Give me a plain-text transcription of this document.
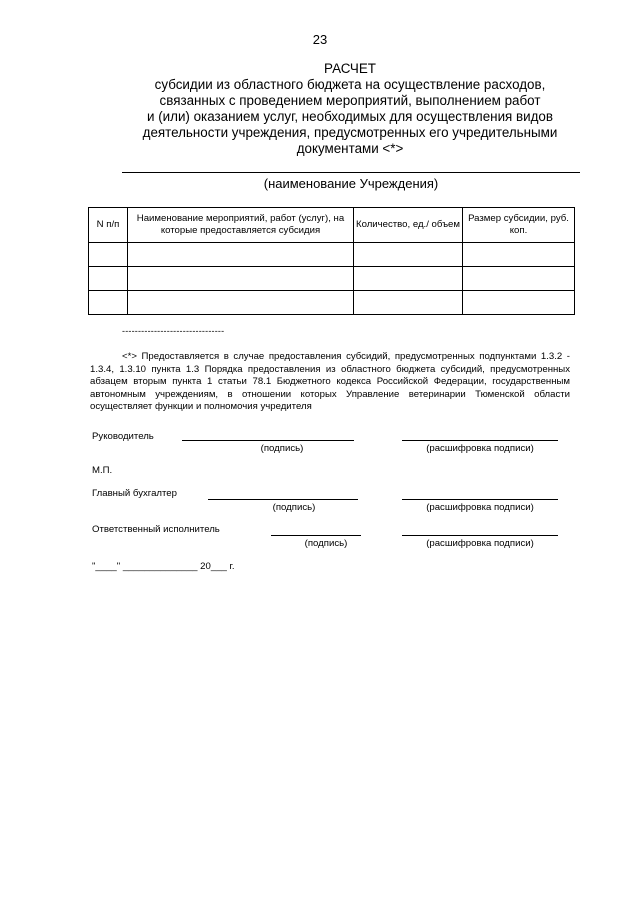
23
РАСЧЕТ
субсидии из областного бюджета на осуществление расходов,
связанных с проведением мероприятий, выполнением работ
и (или) оказанием услуг, необходимых для осуществления видов
деятельности учреждения, предусмотренных его учредительными
документами <*>
(наименование Учреждения)
N п/п	Наименование мероприятий, работ (услуг), на которые предоставляется субсидия	Количество, ед./ объем	Размер субсидии, руб. коп.

--------------------------------

<*> Предоставляется в случае предоставления субсидий, предусмотренных подпунктами 1.3.2 - 1.3.4, 1.3.10 пункта 1.3 Порядка предоставления из областного бюджета субсидий, предусмотренных абзацем вторым пункта 1 статьи 78.1 Бюджетного кодекса Российской Федерации, государственным автономным учреждениям, в отношении которых Управление ветеринарии Тюменской области осуществляет функции и полномочия учредителя

Руководитель
(подпись)	(расшифровка подписи)
М.П.
Главный бухгалтер
(подпись)	(расшифровка подписи)
Ответственный исполнитель
(подпись)	(расшифровка подписи)
"____" ______________ 20___ г.
